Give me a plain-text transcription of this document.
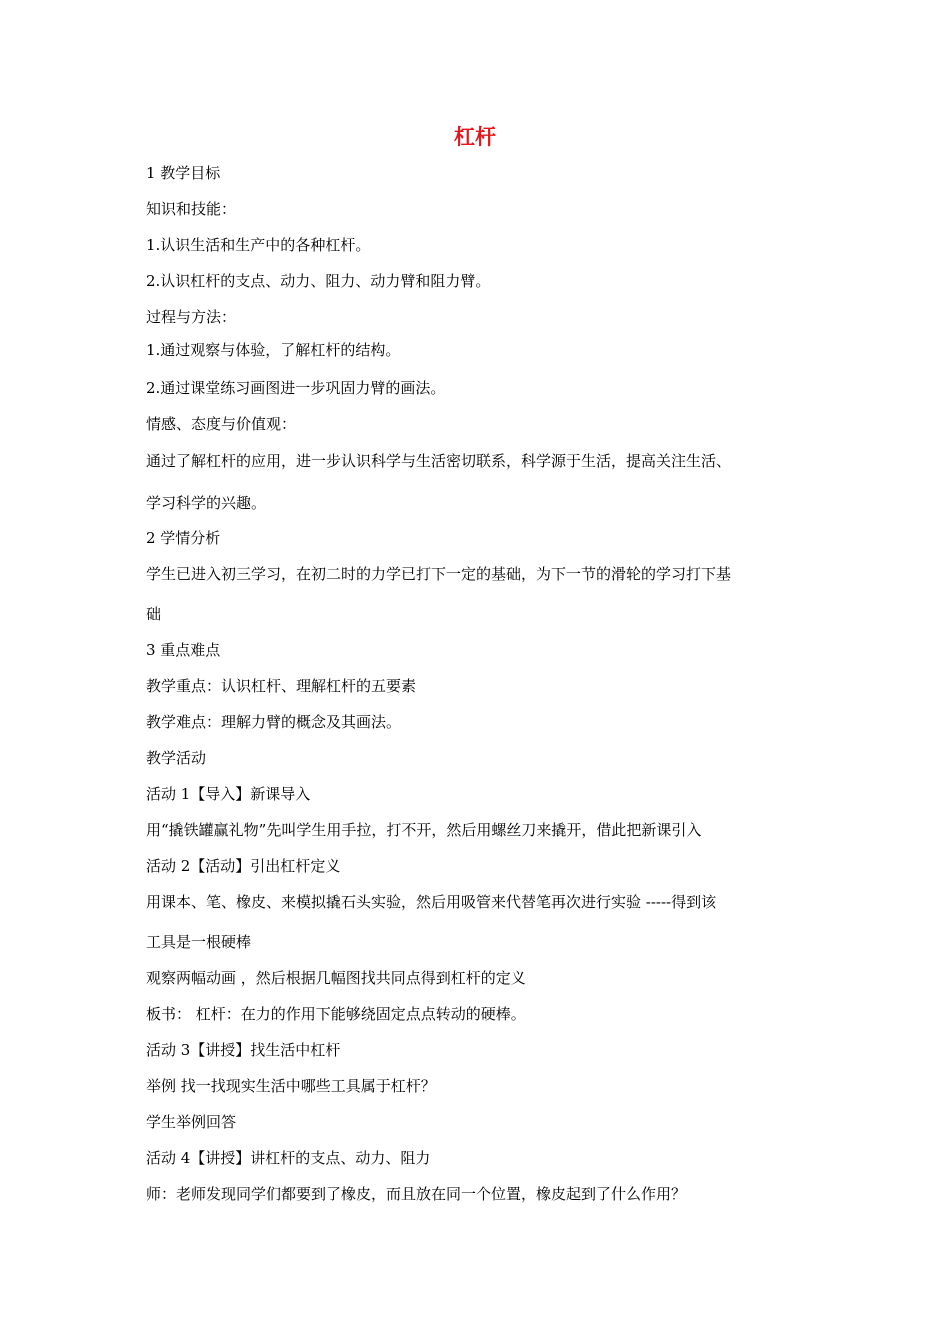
杠杆
1 教学目标
知识和技能：
1.认识生活和生产中的各种杠杆。
2.认识杠杆的支点、动力、阻力、动力臂和阻力臂。
过程与方法：
1.通过观察与体验，了解杠杆的结构。
2.通过课堂练习画图进一步巩固力臂的画法。
情感、态度与价值观：
通过了解杠杆的应用，进一步认识科学与生活密切联系，科学源于生活，提高关注生活、
学习科学的兴趣。
2 学情分析
学生已进入初三学习，在初二时的力学已打下一定的基础，为下一节的滑轮的学习打下基
础
3 重点难点
教学重点：认识杠杆、理解杠杆的五要素
教学难点：理解力臂的概念及其画法。
教学活动
活动 1【导入】新课导入
用“撬铁罐赢礼物”先叫学生用手拉，打不开，然后用螺丝刀来撬开，借此把新课引入
活动 2【活动】引出杠杆定义
用课本、笔、橡皮、来模拟撬石头实验，然后用吸管来代替笔再次进行实验 -----得到该
工具是一根硬棒
观察两幅动画 ，然后根据几幅图找共同点得到杠杆的定义
板书： 杠杆：在力的作用下能够绕固定点点转动的硬棒。
活动 3【讲授】找生活中杠杆
举例 找一找现实生活中哪些工具属于杠杆？
学生举例回答
活动 4【讲授】讲杠杆的支点、动力、阻力
师：老师发现同学们都要到了橡皮，而且放在同一个位置，橡皮起到了什么作用？
